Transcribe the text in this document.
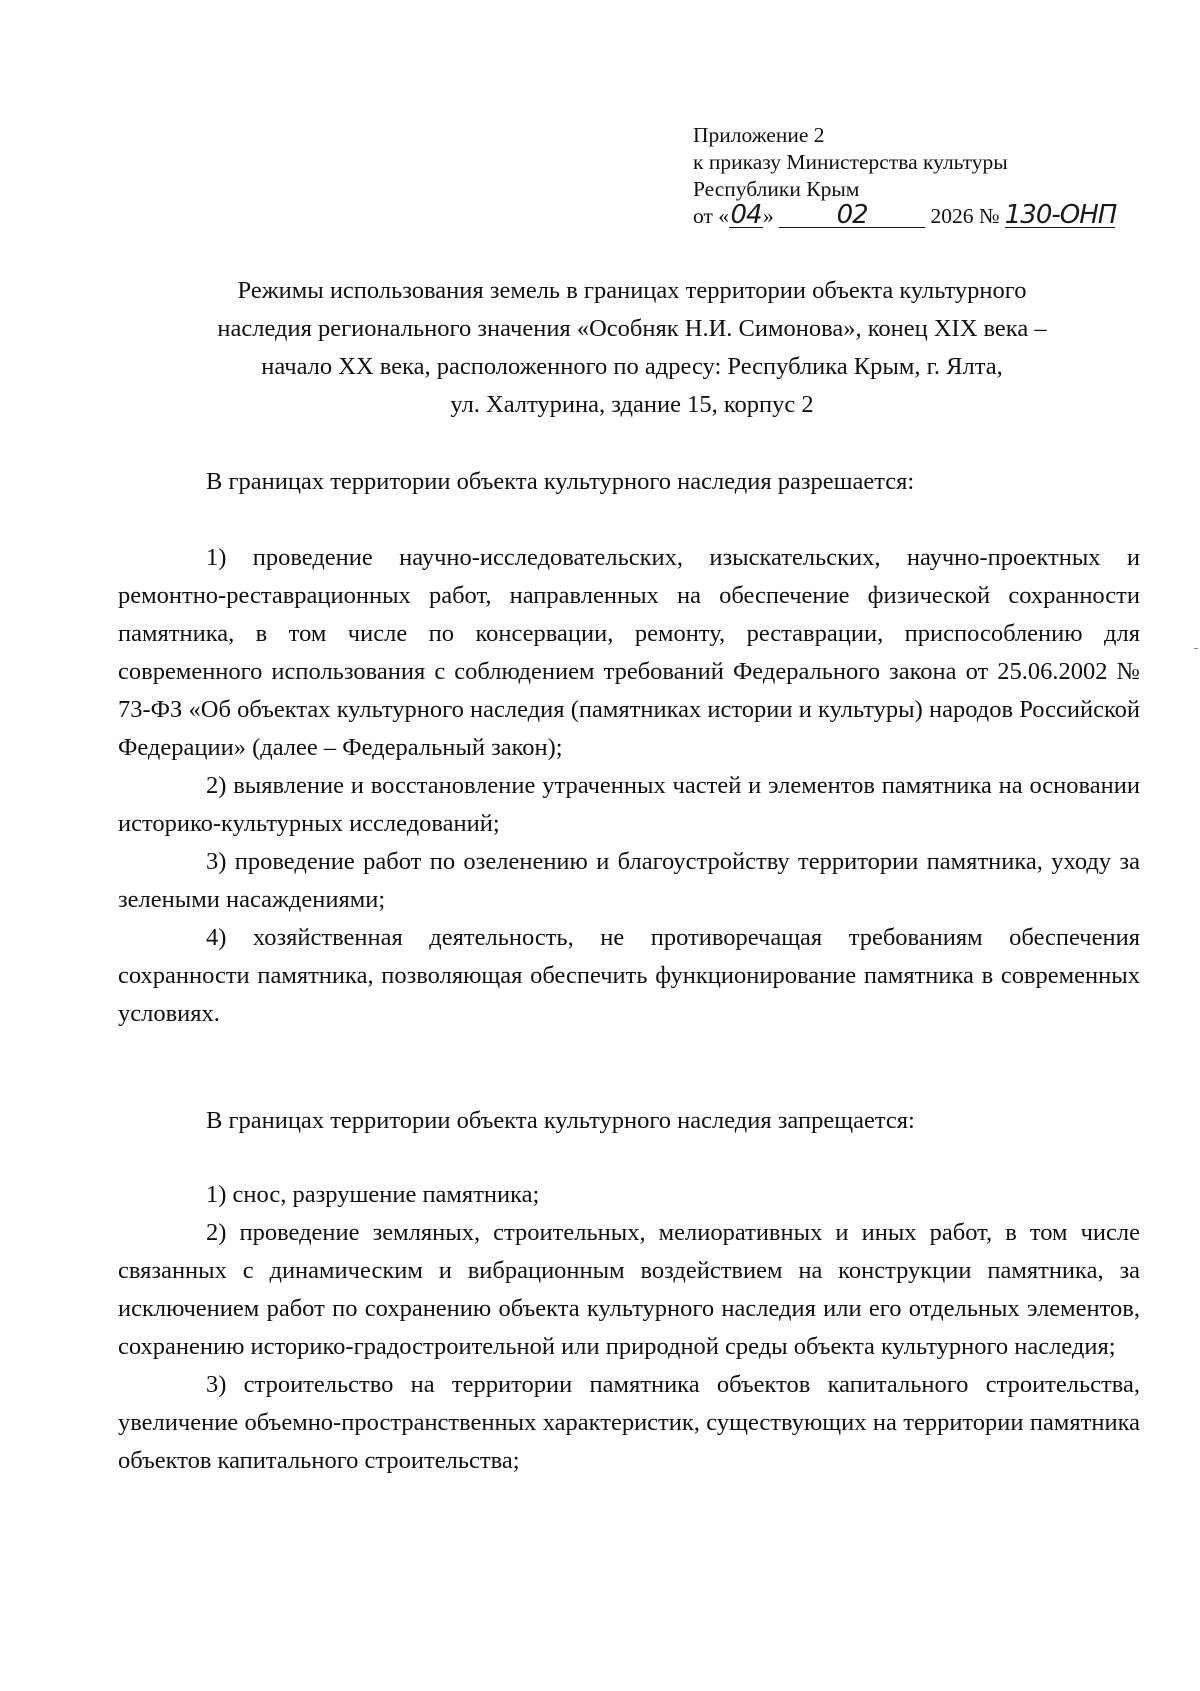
Приложение 2
к приказу Министерства культуры
Республики Крым
от «04» 02	2026 № 130-ОНП
Режимы использования земель в границах территории объекта культурного
наследия регионального значения «Особняк Н.И. Симонова», конец XIX века –
начало XX века, расположенного по адресу: Республика Крым, г. Ялта,
ул. Халтурина, здание 15, корпус 2
В границах территории объекта культурного наследия разрешается:

1) проведение научно-исследовательских, изыскательских, научно-проектных и ремонтно-реставрационных работ, направленных на обеспечение физической сохранности памятника, в том числе по консервации, ремонту, реставрации, приспособлению для современного использования с соблюдением требований Федерального закона от 25.06.2002 № 73-ФЗ «Об объектах культурного наследия (памятниках истории и культуры) народов Российской Федерации» (далее – Федеральный закон);

2) выявление и восстановление утраченных частей и элементов памятника на основании историко-культурных исследований;

3) проведение работ по озеленению и благоустройству территории памятника, уходу за зелеными насаждениями;

4) хозяйственная деятельность, не противоречащая требованиям обеспечения сохранности памятника, позволяющая обеспечить функционирование памятника в современных условиях.

В границах территории объекта культурного наследия запрещается:

1) снос, разрушение памятника;

2) проведение земляных, строительных, мелиоративных и иных работ, в том числе связанных с динамическим и вибрационным воздействием на конструкции памятника, за исключением работ по сохранению объекта культурного наследия или его отдельных элементов, сохранению историко-градостроительной или природной среды объекта культурного наследия;

3) строительство на территории памятника объектов капитального строительства, увеличение объемно-пространственных характеристик, существующих на территории памятника объектов капитального строительства;
